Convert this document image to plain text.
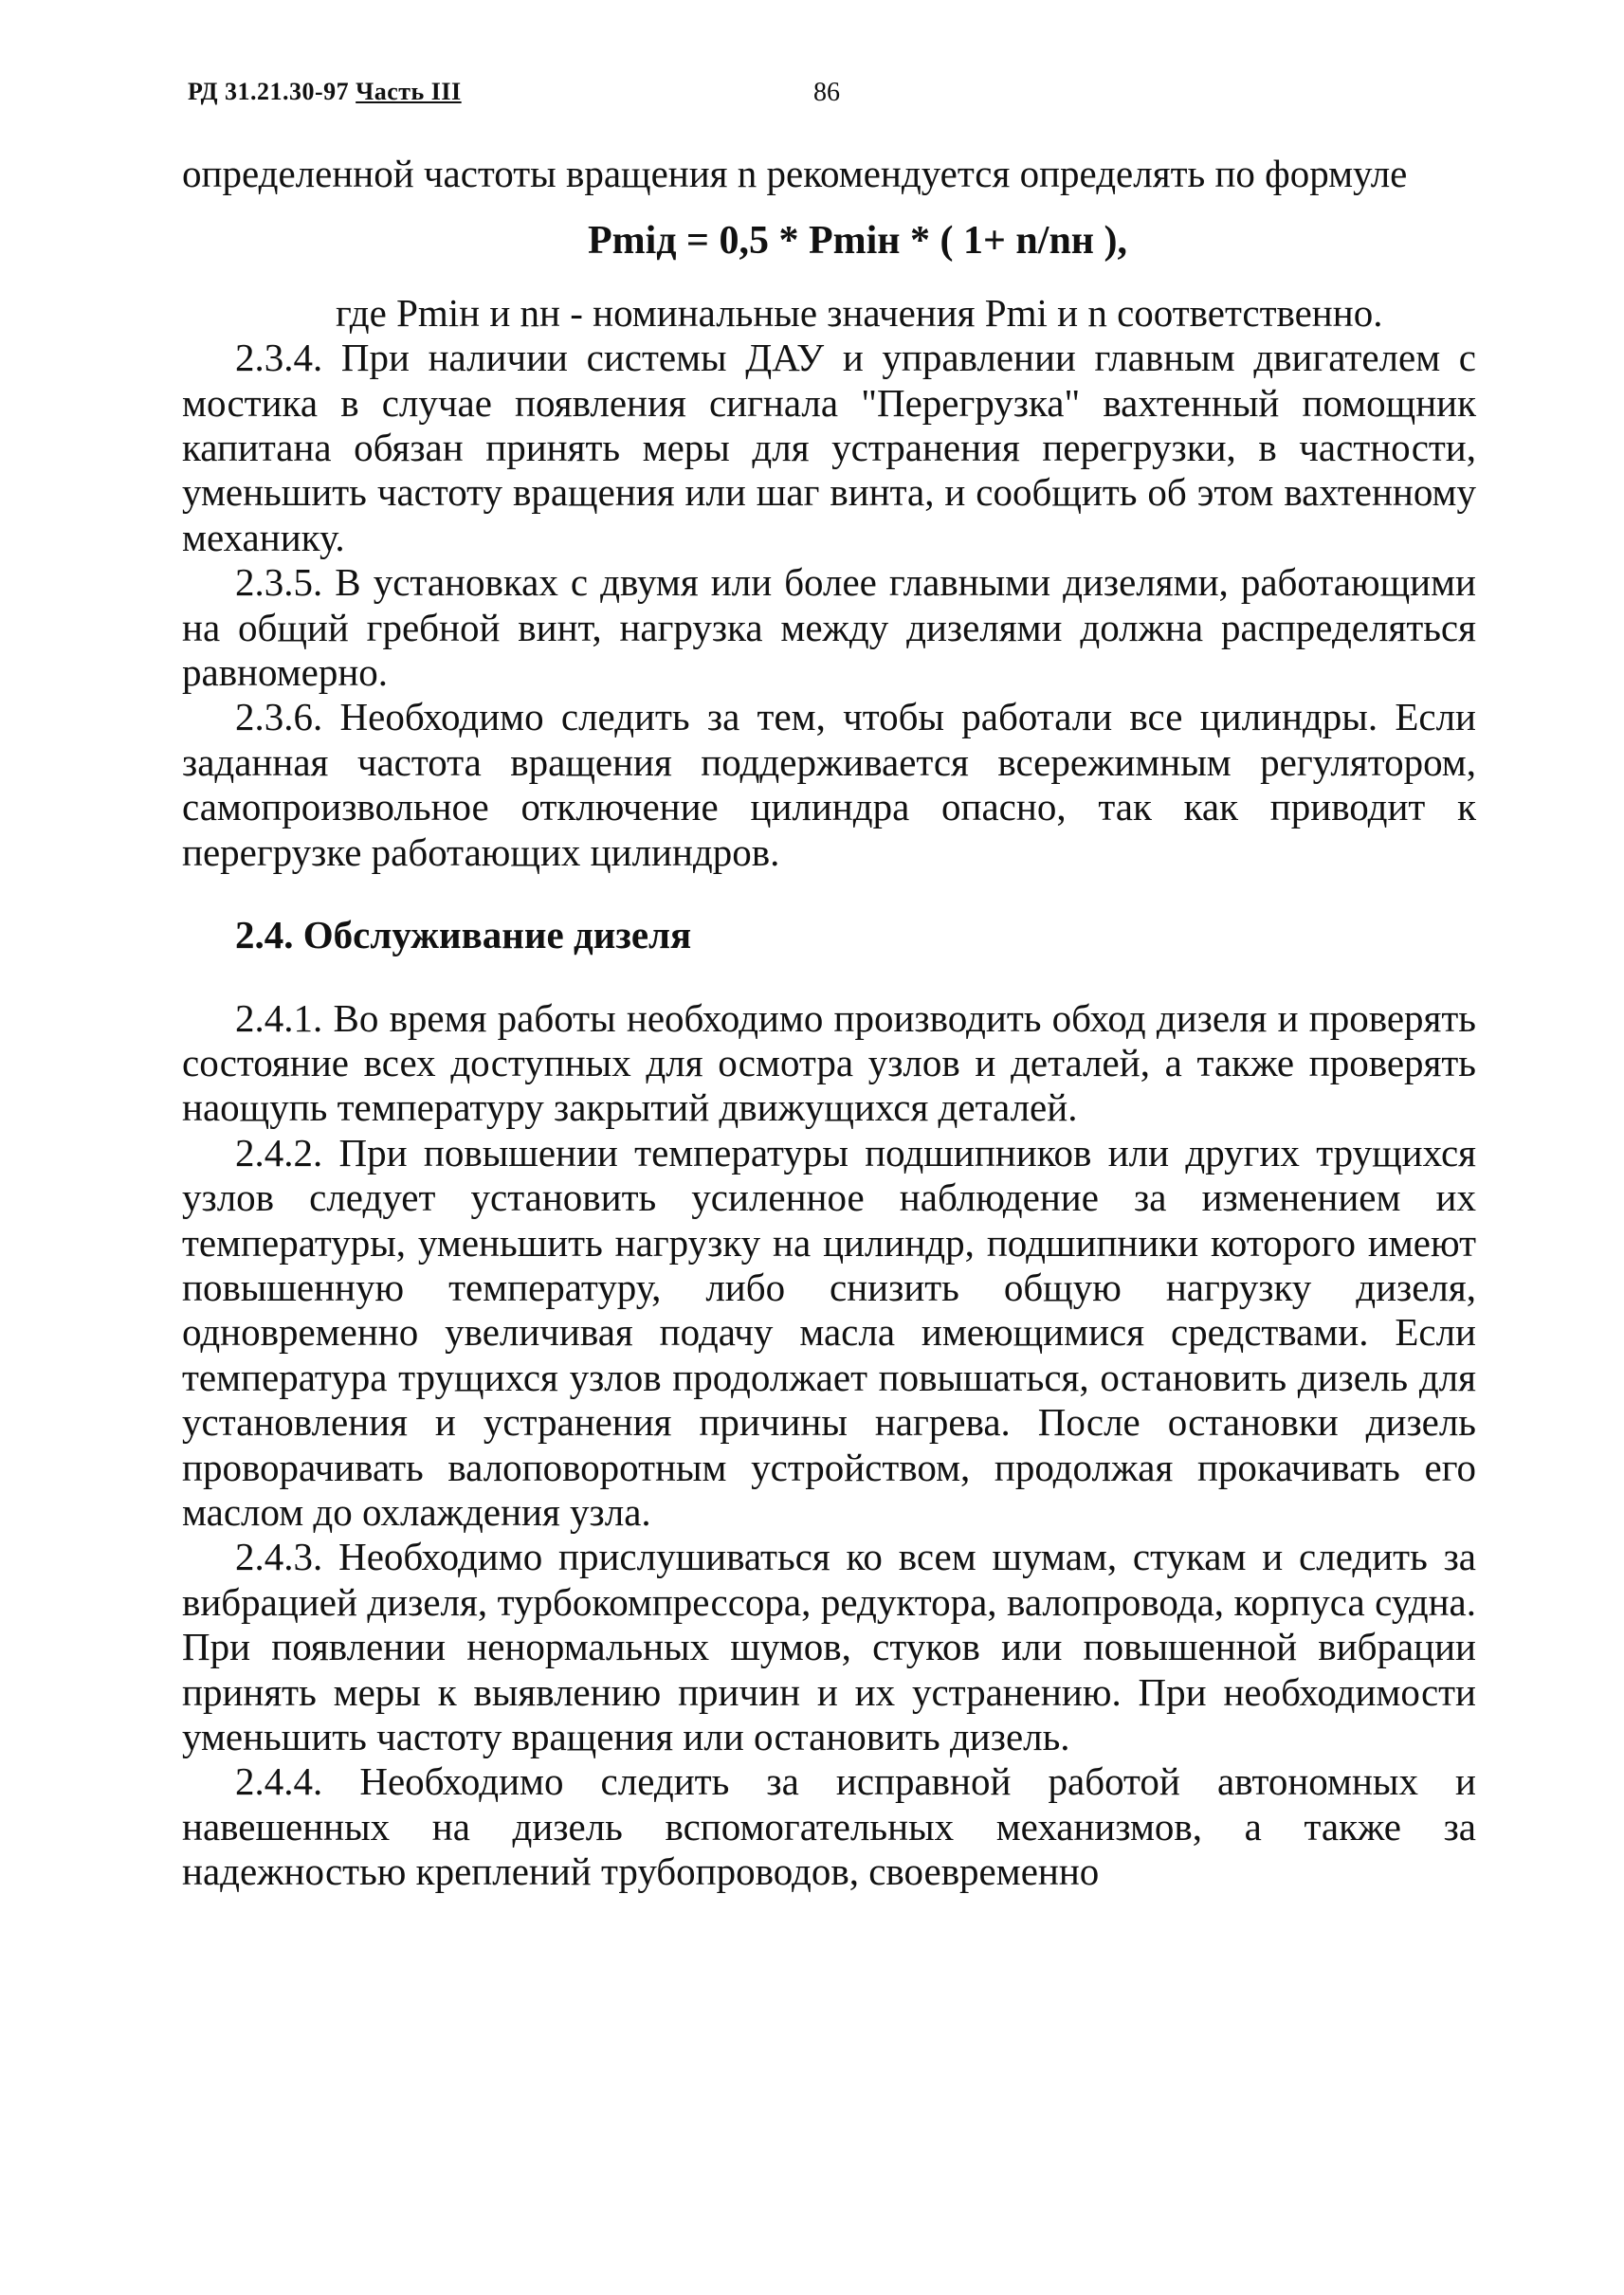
РД 31.21.30-97 Часть III	86

определенной частоты вращения n рекомендуется определять по формуле

Pmiд = 0,5 * Pmiн * ( 1+ n/nн ),

где Pmiн и nн - номинальные значения Pmi и n соответственно.

2.3.4. При наличии системы ДАУ и управлении главным двигателем с мостика в случае появления сигнала "Перегрузка" вахтенный помощник капитана обязан принять меры для устранения перегрузки, в частности, уменьшить частоту вращения или шаг винта, и сообщить об этом вахтенному механику.

2.3.5. В установках с двумя или более главными дизелями, работающими на общий гребной винт, нагрузка между дизелями должна распределяться равномерно.

2.3.6. Необходимо следить за тем, чтобы работали все цилиндры. Если заданная частота вращения поддерживается всережимным регулятором, самопроизвольное отключение цилиндра опасно, так как приводит к перегрузке работающих цилиндров.

2.4. Обслуживание дизеля

2.4.1. Во время работы необходимо производить обход дизеля и проверять состояние всех доступных для осмотра узлов и деталей, а также проверять наощупь температуру закрытий движущихся деталей.

2.4.2. При повышении температуры подшипников или других трущихся узлов следует установить усиленное наблюдение за изменением их температуры, уменьшить нагрузку на цилиндр, подшипники которого имеют повышенную температуру, либо снизить общую нагрузку дизеля, одновременно увеличивая подачу масла имеющимися средствами. Если температура трущихся узлов продолжает повышаться, остановить дизель для установления и устранения причины нагрева. После остановки дизель проворачивать валоповоротным устройством, продолжая прокачивать его маслом до охлаждения узла.

2.4.3. Необходимо прислушиваться ко всем шумам, стукам и следить за вибрацией дизеля, турбокомпрессора, редуктора, валопровода, корпуса судна. При появлении ненормальных шумов, стуков или повышенной вибрации принять меры к выявлению причин и их устранению. При необходимости уменьшить частоту вращения или остановить дизель.

2.4.4. Необходимо следить за исправной работой автономных и навешенных на дизель вспомогательных механизмов, а также за надежностью креплений трубопроводов, своевременно
